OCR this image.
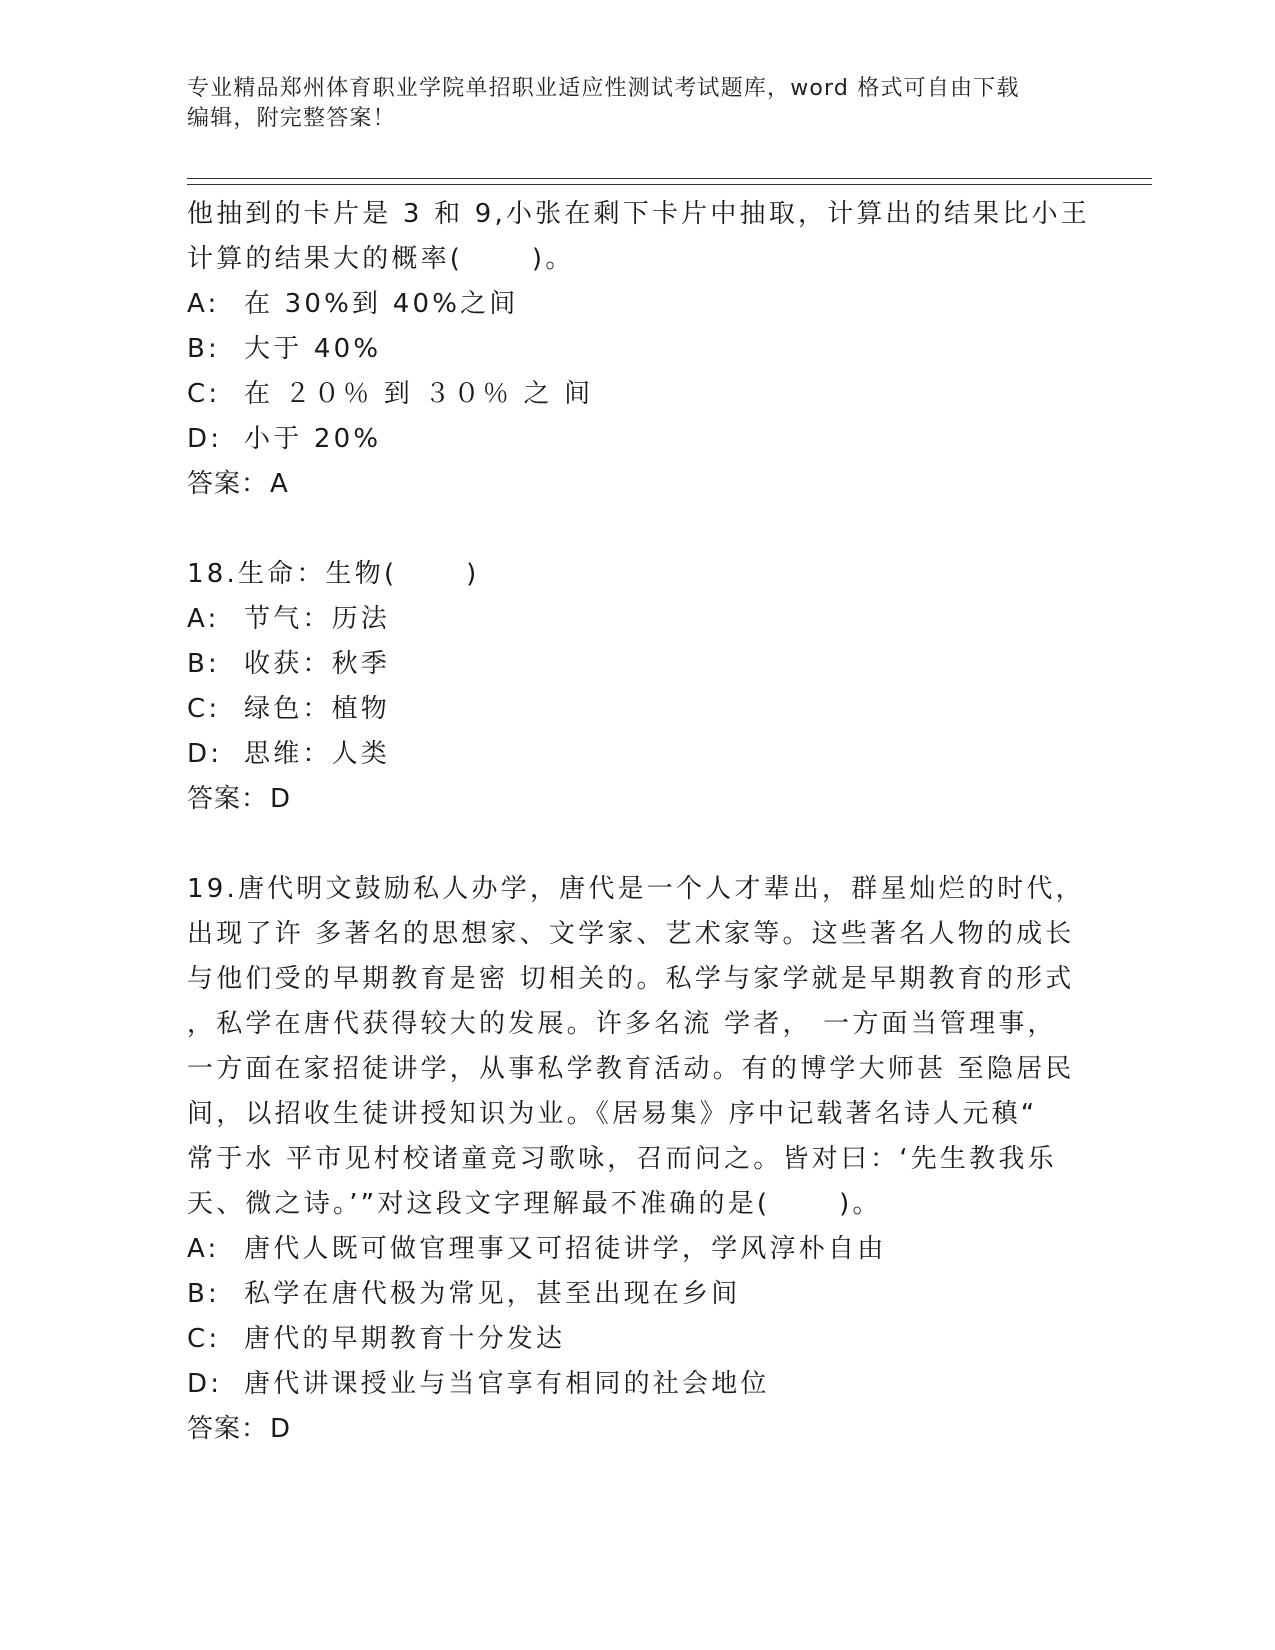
专业精品郑州体育职业学院单招职业适应性测试考试题库，word 格式可自由下载
编辑，附完整答案！
他抽到的卡片是 3 和 9,小张在剩下卡片中抽取，计算出的结果比小王
计算的结果大的概率(      )。
A: 在 30%到 40%之间
B: 大于 40%
C: 在 ２０％ 到 ３０％ 之 间
D: 小于 20%
答案：A
18.生命：生物(      )
A: 节气：历法
B: 收获：秋季
C: 绿色：植物
D: 思维：人类
答案：D
19.唐代明文鼓励私人办学，唐代是一个人才辈出，群星灿烂的时代，
出现了许 多著名的思想家、文学家、艺术家等。这些著名人物的成长
与他们受的早期教育是密 切相关的。私学与家学就是早期教育的形式
，私学在唐代获得较大的发展。许多名流 学者， 一方面当管理事，
一方面在家招徒讲学，从事私学教育活动。有的博学大师甚 至隐居民
间，以招收生徒讲授知识为业。《居易集》序中记载著名诗人元稹“
常于水 平市见村校诸童竞习歌咏，召而问之。皆对曰：‘先生教我乐
天、微之诗。’”对这段文字理解最不准确的是(      )。
A: 唐代人既可做官理事又可招徒讲学，学风淳朴自由
B: 私学在唐代极为常见，甚至出现在乡间
C: 唐代的早期教育十分发达
D: 唐代讲课授业与当官享有相同的社会地位
答案：D
